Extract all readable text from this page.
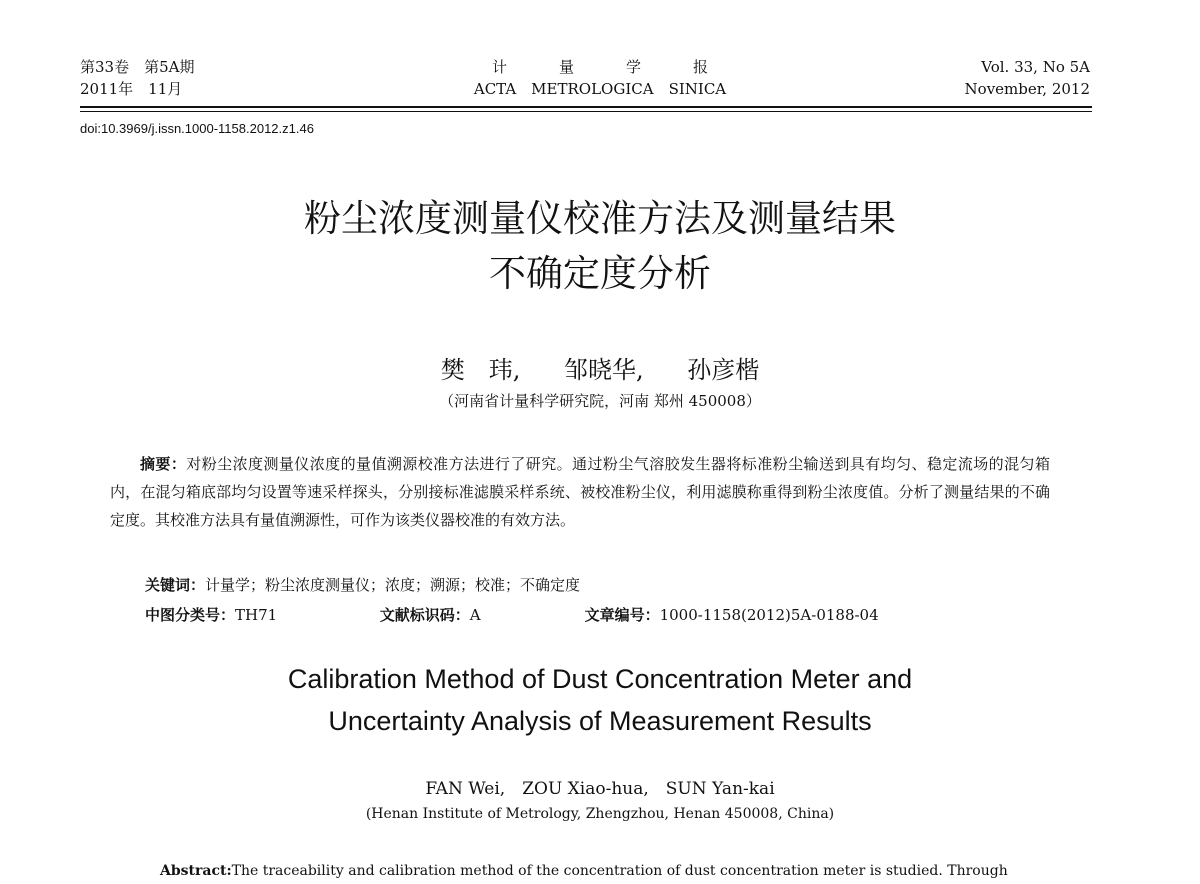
第33卷　第5A期
2011年　11月
计量学报
ACTA　METROLOGICA　SINICA
Vol. 33, No 5A
November, 2012
doi:10.3969/j.issn.1000-1158.2012.z1.46
粉尘浓度测量仪校准方法及测量结果
不确定度分析
樊　玮, 邹晓华, 孙彦楷
（河南省计量科学研究院，河南 郑州 450008）
摘要：对粉尘浓度测量仪浓度的量值溯源校准方法进行了研究。通过粉尘气溶胶发生器将标准粉尘输送到具有均匀、稳定流场的混匀箱内，在混匀箱底部均匀设置等速采样探头，分别接标准滤膜采样系统、被校准粉尘仪，利用滤膜称重得到粉尘浓度值。分析了测量结果的不确定度。其校准方法具有量值溯源性，可作为该类仪器校准的有效方法。
关键词：计量学；粉尘浓度测量仪；浓度；溯源；校准；不确定度
中图分类号：TH71	文献标识码：A	文章编号：1000-1158(2012)5A-0188-04
Calibration Method of Dust Concentration Meter and
Uncertainty Analysis of Measurement Results
FAN Wei,　ZOU Xiao-hua,　SUN Yan-kai
(Henan Institute of Metrology, Zhengzhou, Henan 450008, China)
Abstract:The traceability and calibration method of the concentration of dust concentration meter is studied. Through
